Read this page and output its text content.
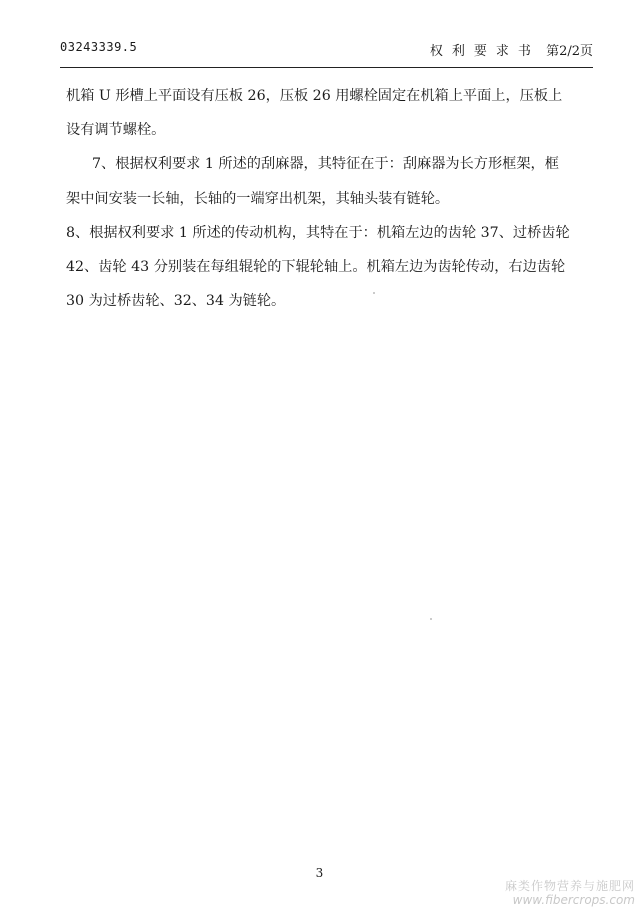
03243339.5	权利要求书 第2/2页
机箱 U 形槽上平面设有压板 26，压板 26 用螺栓固定在机箱上平面上，压板上
设有调节螺栓。
7、根据权利要求 1 所述的刮麻器，其特征在于：刮麻器为长方形框架，框
架中间安装一长轴，长轴的一端穿出机架，其轴头装有链轮。
8、根据权利要求 1 所述的传动机构，其特在于：机箱左边的齿轮 37、过桥齿轮
42、齿轮 43 分别装在每组辊轮的下辊轮轴上。机箱左边为齿轮传动，右边齿轮
30 为过桥齿轮、32、34 为链轮。
3
麻类作物营养与施肥网
www.fibercrops.com
